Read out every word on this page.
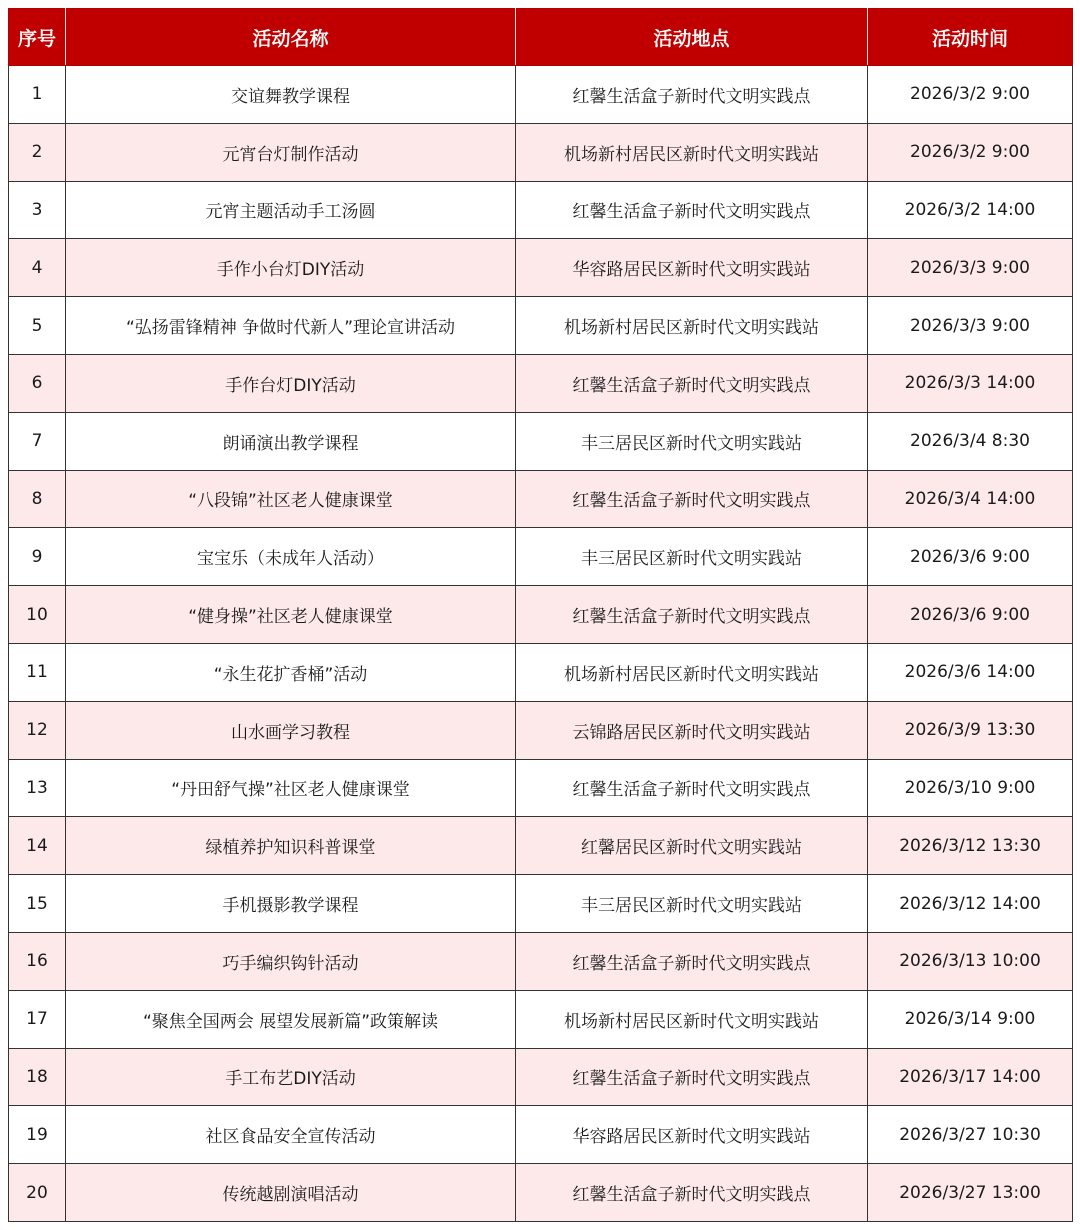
序号	活动名称	活动地点	活动时间
1	交谊舞教学课程	红馨生活盒子新时代文明实践点	2026/3/2 9:00
2	元宵台灯制作活动	机场新村居民区新时代文明实践站	2026/3/2 9:00
3	元宵主题活动手工汤圆	红馨生活盒子新时代文明实践点	2026/3/2 14:00
4	手作小台灯DIY活动	华容路居民区新时代文明实践站	2026/3/3 9:00
5	“弘扬雷锋精神 争做时代新人”理论宣讲活动	机场新村居民区新时代文明实践站	2026/3/3 9:00
6	手作台灯DIY活动	红馨生活盒子新时代文明实践点	2026/3/3 14:00
7	朗诵演出教学课程	丰三居民区新时代文明实践站	2026/3/4 8:30
8	“八段锦”社区老人健康课堂	红馨生活盒子新时代文明实践点	2026/3/4 14:00
9	宝宝乐（未成年人活动）	丰三居民区新时代文明实践站	2026/3/6 9:00
10	“健身操”社区老人健康课堂	红馨生活盒子新时代文明实践点	2026/3/6 9:00
11	“永生花扩香桶”活动	机场新村居民区新时代文明实践站	2026/3/6 14:00
12	山水画学习教程	云锦路居民区新时代文明实践站	2026/3/9 13:30
13	“丹田舒气操”社区老人健康课堂	红馨生活盒子新时代文明实践点	2026/3/10 9:00
14	绿植养护知识科普课堂	红馨居民区新时代文明实践站	2026/3/12 13:30
15	手机摄影教学课程	丰三居民区新时代文明实践站	2026/3/12 14:00
16	巧手编织钩针活动	红馨生活盒子新时代文明实践点	2026/3/13 10:00
17	“聚焦全国两会 展望发展新篇”政策解读	机场新村居民区新时代文明实践站	2026/3/14 9:00
18	手工布艺DIY活动	红馨生活盒子新时代文明实践点	2026/3/17 14:00
19	社区食品安全宣传活动	华容路居民区新时代文明实践站	2026/3/27 10:30
20	传统越剧演唱活动	红馨生活盒子新时代文明实践点	2026/3/27 13:00
